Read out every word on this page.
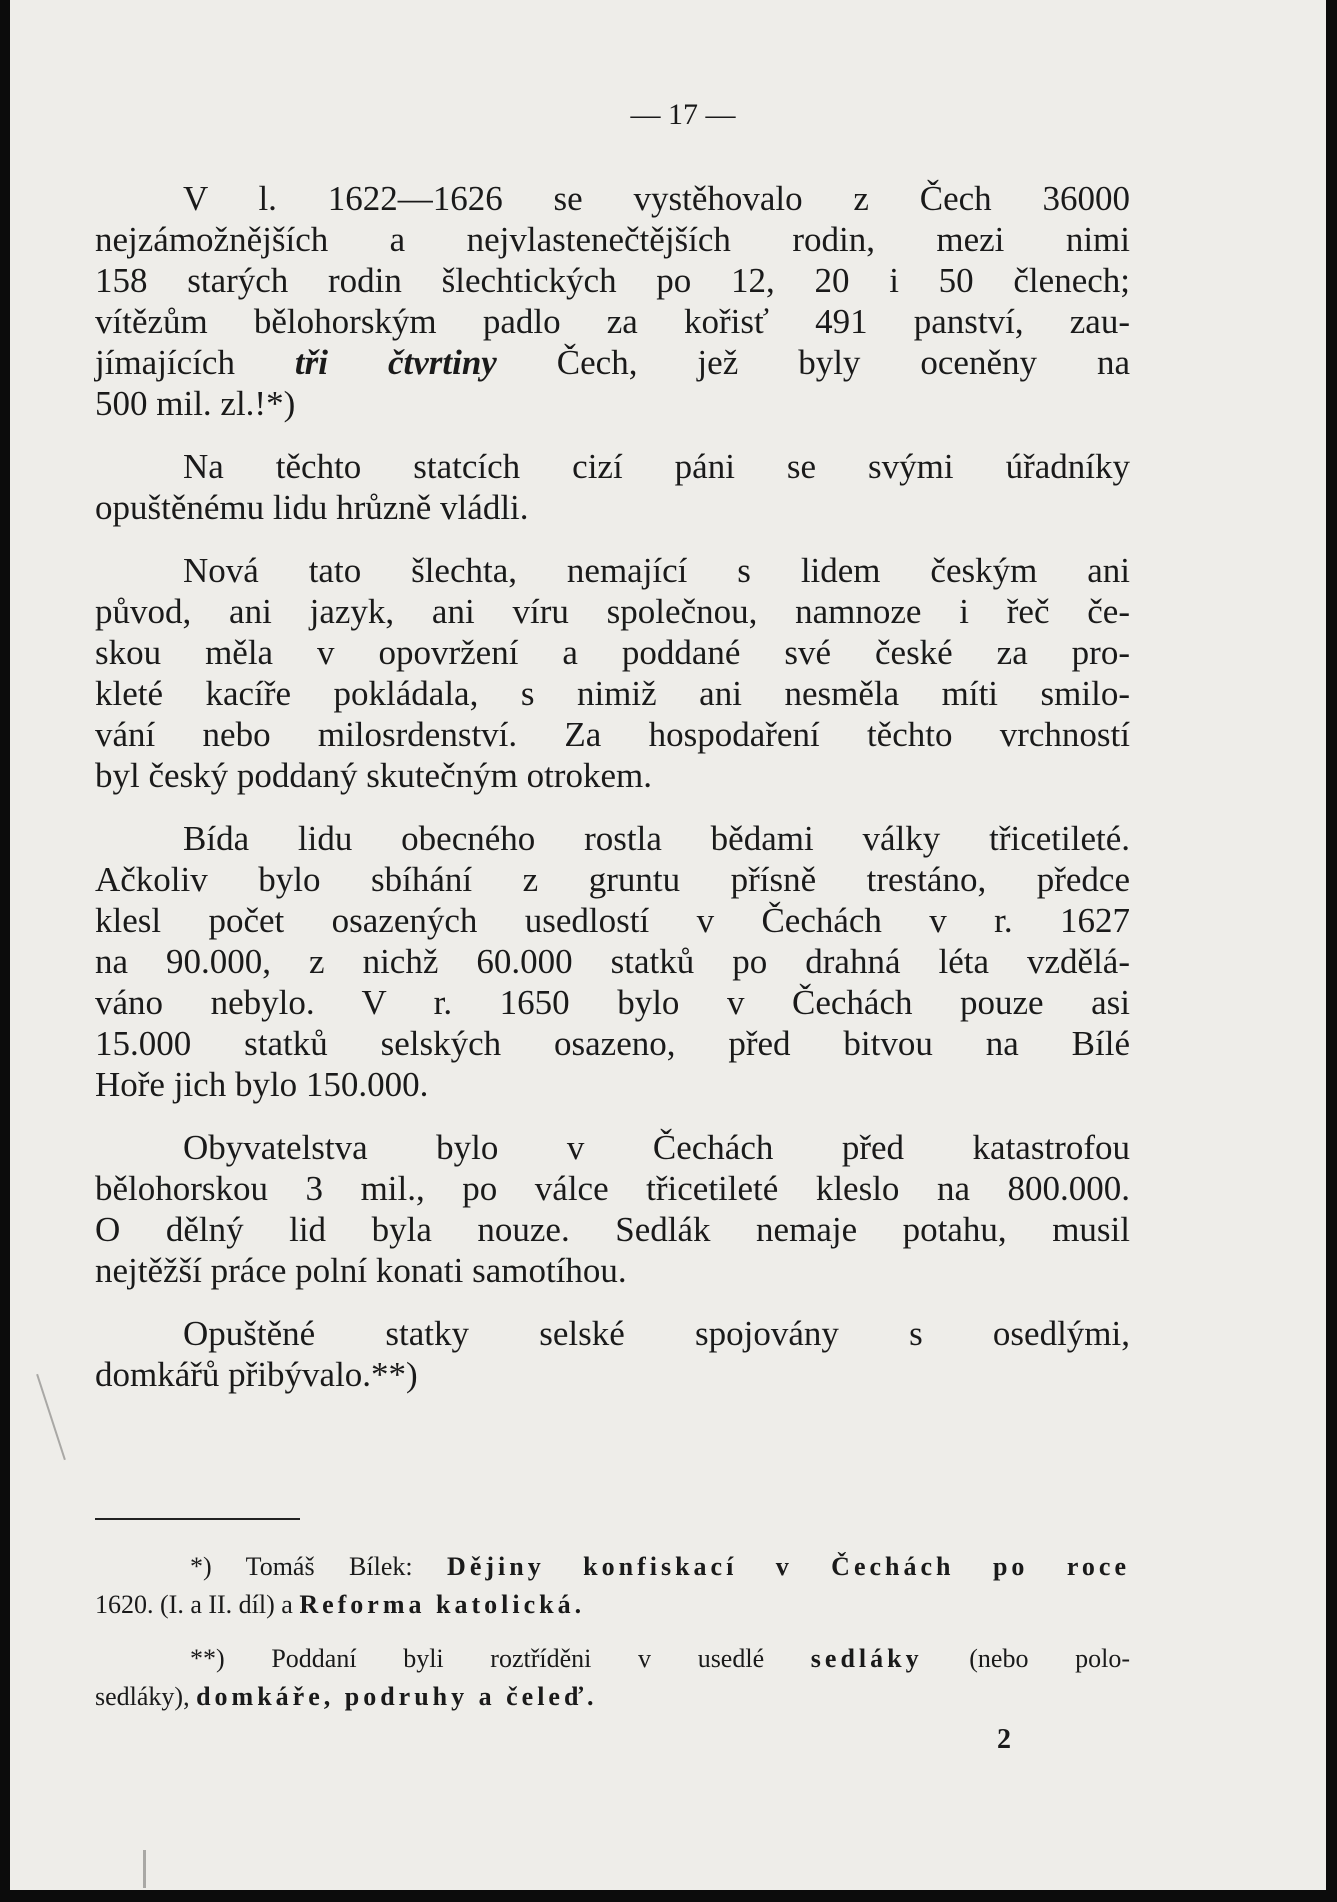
— 17 —

V l. 1622—1626 se vystěhovalo z Čech 36000
nejzámožnějších a nejvlastenečtějších rodin, mezi nimi
158 starých rodin šlechtických po 12, 20 i 50 členech;
vítězům bělohorským padlo za kořisť 491 panství, zau-
jímajících tři čtvrtiny Čech, jež byly oceněny na
500 mil. zl.!*)

Na těchto statcích cizí páni se svými úřadníky
opuštěnému lidu hrůzně vládli.

Nová tato šlechta, nemající s lidem českým ani
původ, ani jazyk, ani víru společnou, namnoze i řeč če-
skou měla v opovržení a poddané své české za pro-
kleté kacíře pokládala, s nimiž ani nesměla míti smilo-
vání nebo milosrdenství. Za hospodaření těchto vrchností
byl český poddaný skutečným otrokem.

Bída lidu obecného rostla bědami války třicetileté.
Ačkoliv bylo sbíhání z gruntu přísně trestáno, předce
klesl počet osazených usedlostí v Čechách v r. 1627
na 90.000, z nichž 60.000 statků po drahná léta vzdělá-
váno nebylo. V r. 1650 bylo v Čechách pouze asi
15.000 statků selských osazeno, před bitvou na Bílé
Hoře jich bylo 150.000.

Obyvatelstva bylo v Čechách před katastrofou
bělohorskou 3 mil., po válce třicetileté kleslo na 800.000.
O dělný lid byla nouze. Sedlák nemaje potahu, musil
nejtěžší práce polní konati samotíhou.

Opuštěné statky selské spojovány s osedlými,
domkářů přibývalo.**)

*) Tomáš Bílek: Dějiny konfiskací v Čechách po roce
1620. (I. a II. díl) a Reforma katolická.

**) Poddaní byli roztříděni v usedlé sedláky (nebo polo-
sedláky), domkáře, podruhy a čeleď.

2
